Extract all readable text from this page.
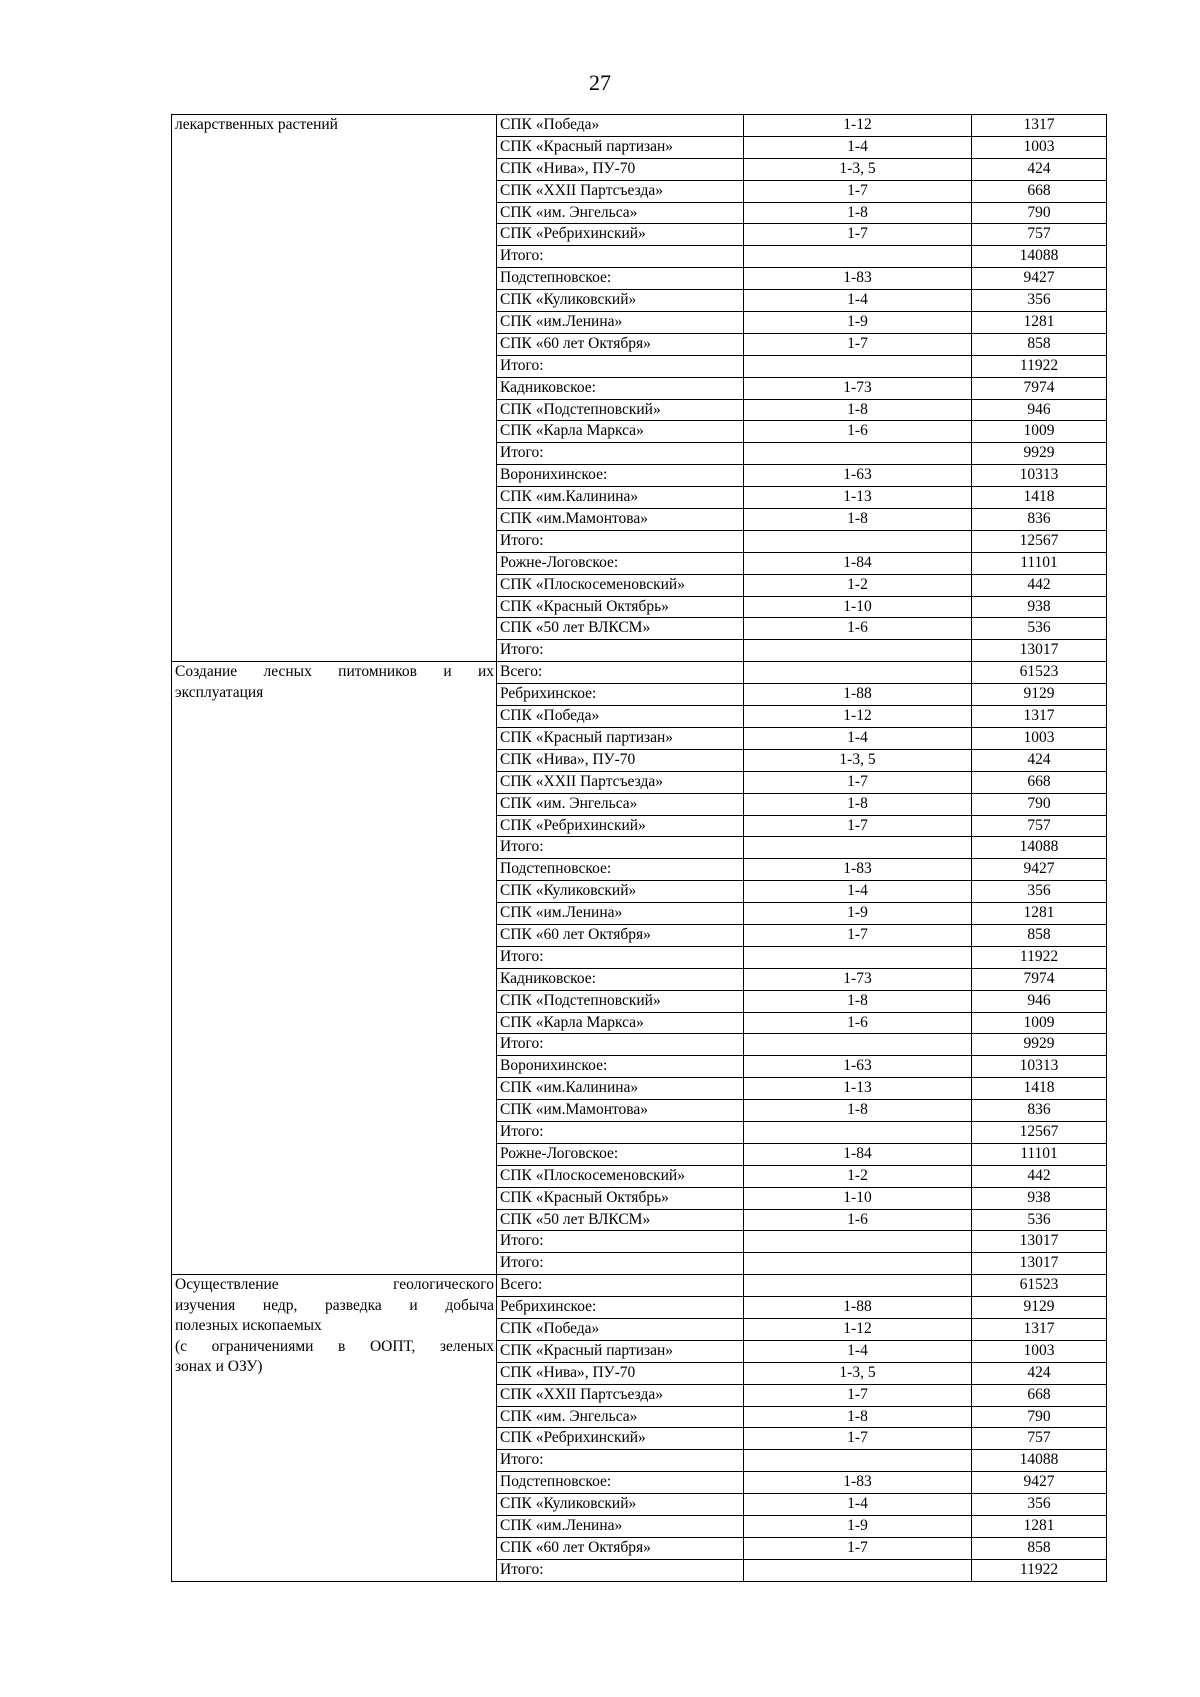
27
лекарственных растений	СПК «Победа»	1-12	1317
	СПК «Красный партизан»	1-4	1003
	СПК «Нива», ПУ-70	1-3, 5	424
	СПК «XXII Партсъезда»	1-7	668
	СПК «им. Энгельса»	1-8	790
	СПК «Ребрихинский»	1-7	757
	Итого:		14088
	Подстепновское:	1-83	9427
	СПК «Куликовский»	1-4	356
	СПК «им.Ленина»	1-9	1281
	СПК «60 лет Октября»	1-7	858
	Итого:		11922
	Кадниковское:	1-73	7974
	СПК «Подстепновский»	1-8	946
	СПК «Карла Маркса»	1-6	1009
	Итого:		9929
	Воронихинское:	1-63	10313
	СПК «им.Калинина»	1-13	1418
	СПК «им.Мамонтова»	1-8	836
	Итого:		12567
	Рожне-Логовское:	1-84	11101
	СПК «Плоскосеменовский»	1-2	442
	СПК «Красный Октябрь»	1-10	938
	СПК «50 лет ВЛКСМ»	1-6	536
	Итого:		13017

Создание лесных питомников и их
эксплуатация	Всего:		61523
	Ребрихинское:	1-88	9129
	СПК «Победа»	1-12	1317
	СПК «Красный партизан»	1-4	1003
	СПК «Нива», ПУ-70	1-3, 5	424
	СПК «XXII Партсъезда»	1-7	668
	СПК «им. Энгельса»	1-8	790
	СПК «Ребрихинский»	1-7	757
	Итого:		14088
	Подстепновское:	1-83	9427
	СПК «Куликовский»	1-4	356
	СПК «им.Ленина»	1-9	1281
	СПК «60 лет Октября»	1-7	858
	Итого:		11922
	Кадниковское:	1-73	7974
	СПК «Подстепновский»	1-8	946
	СПК «Карла Маркса»	1-6	1009
	Итого:		9929
	Воронихинское:	1-63	10313
	СПК «им.Калинина»	1-13	1418
	СПК «им.Мамонтова»	1-8	836
	Итого:		12567
	Рожне-Логовское:	1-84	11101
	СПК «Плоскосеменовский»	1-2	442
	СПК «Красный Октябрь»	1-10	938
	СПК «50 лет ВЛКСМ»	1-6	536
	Итого:		13017
	Итого:		13017

Осуществление геологического
изучения недр, разведка и добыча
полезных ископаемых
(с ограничениями в ООПТ, зеленых
зонах и ОЗУ)	Всего:		61523
	Ребрихинское:	1-88	9129
	СПК «Победа»	1-12	1317
	СПК «Красный партизан»	1-4	1003
	СПК «Нива», ПУ-70	1-3, 5	424
	СПК «XXII Партсъезда»	1-7	668
	СПК «им. Энгельса»	1-8	790
	СПК «Ребрихинский»	1-7	757
	Итого:		14088
	Подстепновское:	1-83	9427
	СПК «Куликовский»	1-4	356
	СПК «им.Ленина»	1-9	1281
	СПК «60 лет Октября»	1-7	858
	Итого:		11922
